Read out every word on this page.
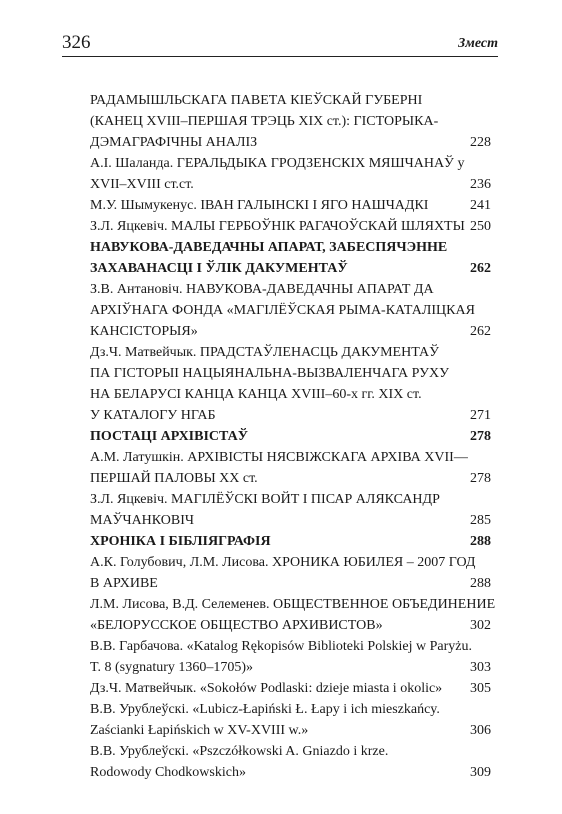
326	Змест
РАДАМЫШЛЬСКАГА ПАВЕТА КІЕЎСКАЙ ГУБЕРНІ
(КАНЕЦ XVIII–ПЕРШАЯ ТРЭЦЬ XIX ст.): ГІСТОРЫКА-
ДЭМАГРАФІЧНЫ АНАЛІЗ	228
А.І. Шаланда. ГЕРАЛЬДЫКА ГРОДЗЕНСКІХ МЯШЧАНАЎ у
XVII–XVIII ст.ст.	236
М.У. Шымукенус. ІВАН ГАЛЫНСКІ І ЯГО НАШЧАДКІ	241
З.Л. Яцкевіч. МАЛЫ ГЕРБОЎНІК РАГАЧОЎСКАЙ ШЛЯХТЫ 250
НАВУКОВА-ДАВЕДАЧНЫ АПАРАТ, ЗАБЕСПЯЧЭННЕ
ЗАХАВАНАСЦІ І ЎЛІК ДАКУМЕНТАЎ	262
З.В. Антановіч. НАВУКОВА-ДАВЕДАЧНЫ АПАРАТ ДА
АРХІЎНАГА ФОНДА «МАГІЛЁЎСКАЯ РЫМА-КАТАЛІЦКАЯ
КАНСІСТОРЫЯ»	262
Дз.Ч. Матвейчык. ПРАДСТАЎЛЕНАСЦЬ ДАКУМЕНТАЎ
ПА ГІСТОРЫІ НАЦЫЯНАЛЬНА-ВЫЗВАЛЕНЧАГА РУХУ
НА БЕЛАРУСІ КАНЦА КАНЦА XVIII–60-х гг. XIX ст.
У КАТАЛОГУ НГАБ	271
ПОСТАЦІ АРХІВІСТАЎ	278
А.М. Латушкін. АРХІВІСТЫ НЯСВІЖСКАГА АРХІВА XVII—
ПЕРШАЙ ПАЛОВЫ XX ст.	278
З.Л. Яцкевіч. МАГІЛЁЎСКІ ВОЙТ І ПІСАР АЛЯКСАНДР
МАЎЧАНКОВІЧ	285
ХРОНІКА І БІБЛІЯГРАФІЯ	288
А.К. Голубович, Л.М. Лисова. ХРОНИКА ЮБИЛЕЯ – 2007 ГОД
В АРХИВЕ	288
Л.М. Лисова, В.Д. Селеменев. ОБЩЕСТВЕННОЕ ОБЪЕДИНЕНИЕ
«БЕЛОРУССКОЕ ОБЩЕСТВО АРХИВИСТОВ»	302
В.В. Гарбачова. «Katalog Rękopisów Biblioteki Polskiej w Paryżu.
T. 8 (sygnatury 1360–1705)»	303
Дз.Ч. Матвейчык. «Sokołów Podlaski: dzieje miasta i okolic»	305
В.В. Урублеўскі. «Lubicz-Łapiński Ł. Łapy i ich mieszkańcy.
Zaścianki Łapińskich w XV-XVIII w.»	306
В.В. Урублеўскі. «Pszczółkowski A. Gniazdo i krze.
Rodowody Chodkowskich»	309
